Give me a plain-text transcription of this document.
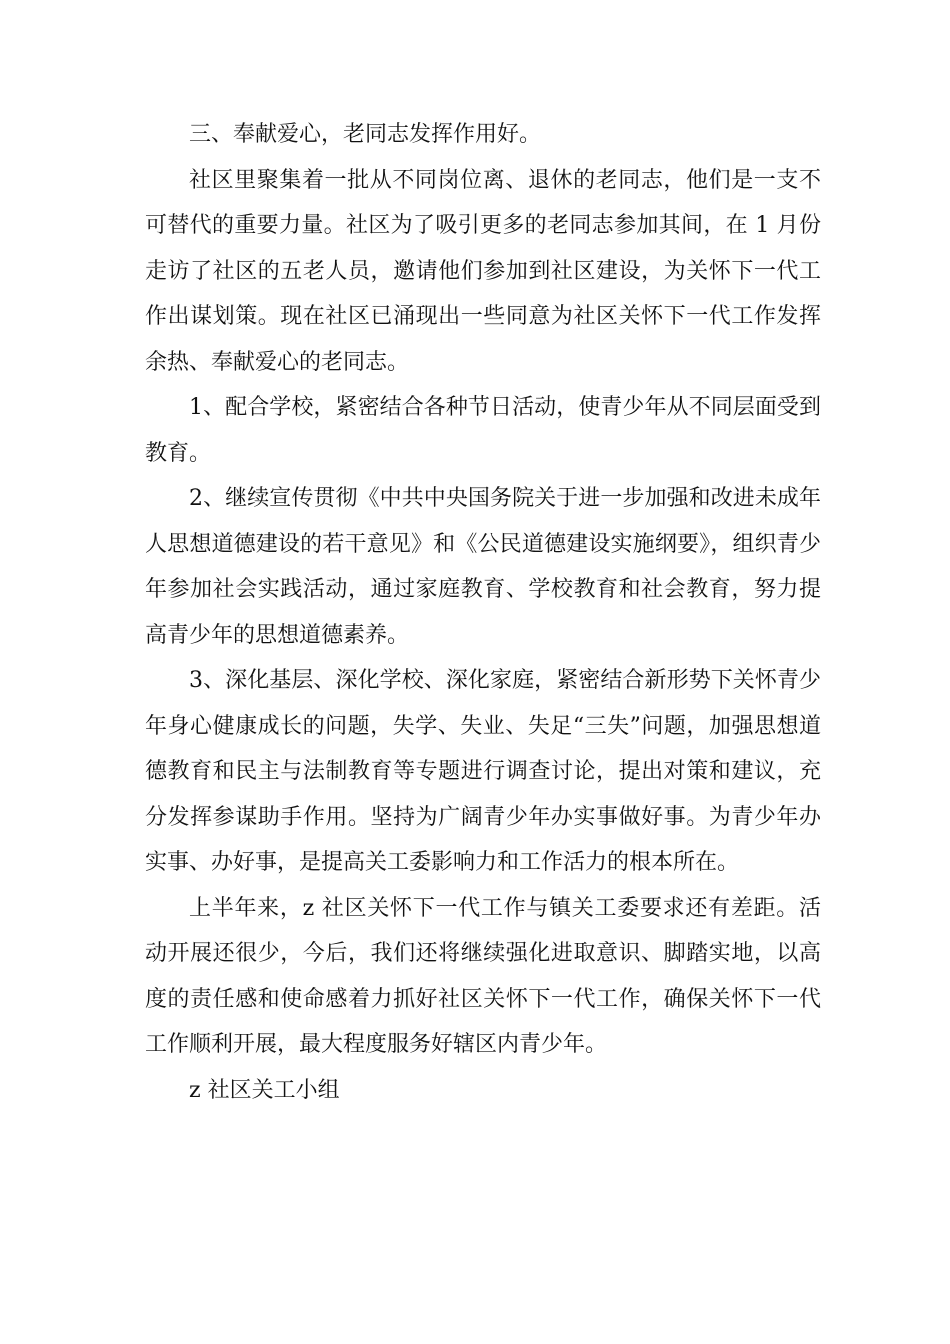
三、奉献爱心，老同志发挥作用好。

社区里聚集着一批从不同岗位离、退休的老同志，他们是一支不可替代的重要力量。社区为了吸引更多的老同志参加其间，在 1 月份走访了社区的五老人员，邀请他们参加到社区建设，为关怀下一代工作出谋划策。现在社区已涌现出一些同意为社区关怀下一代工作发挥余热、奉献爱心的老同志。

1、配合学校，紧密结合各种节日活动，使青少年从不同层面受到教育。

2、继续宣传贯彻《中共中央国务院关于进一步加强和改进未成年人思想道德建设的若干意见》和《公民道德建设实施纲要》，组织青少年参加社会实践活动，通过家庭教育、学校教育和社会教育，努力提高青少年的思想道德素养。

3、深化基层、深化学校、深化家庭，紧密结合新形势下关怀青少年身心健康成长的问题，失学、失业、失足“三失”问题，加强思想道德教育和民主与法制教育等专题进行调查讨论，提出对策和建议，充分发挥参谋助手作用。坚持为广阔青少年办实事做好事。为青少年办实事、办好事，是提高关工委影响力和工作活力的根本所在。

上半年来，z 社区关怀下一代工作与镇关工委要求还有差距。活动开展还很少，今后，我们还将继续强化进取意识、脚踏实地，以高度的责任感和使命感着力抓好社区关怀下一代工作，确保关怀下一代工作顺利开展，最大程度服务好辖区内青少年。

z 社区关工小组
